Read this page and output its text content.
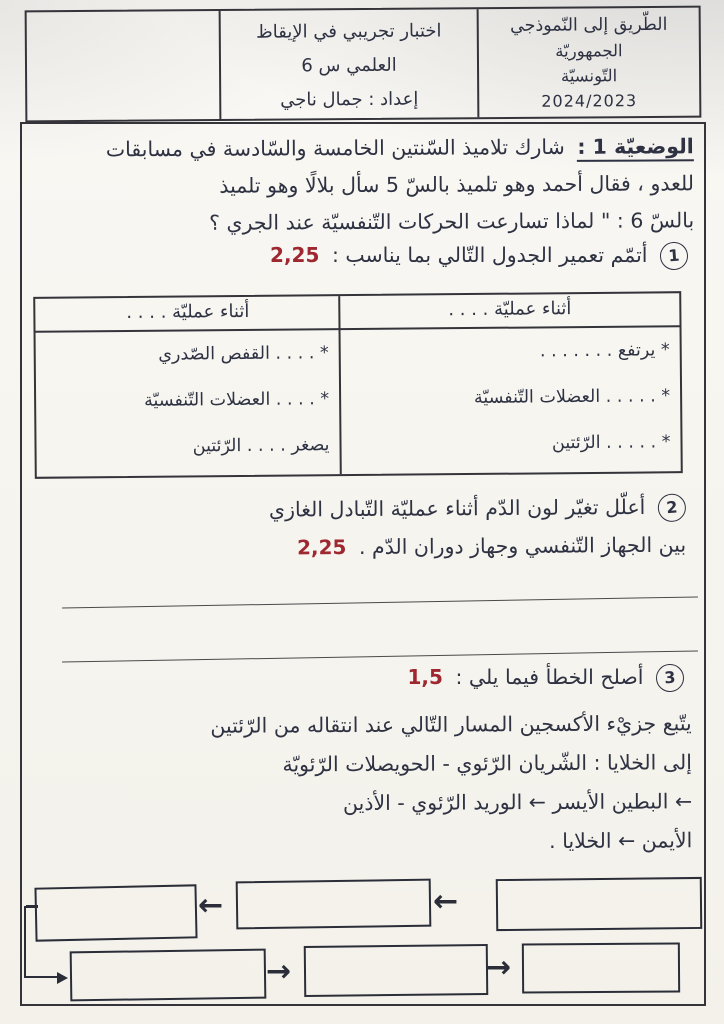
الطّريق إلى النّموذجي
الجمهوريّة
التّونسيّة
2024/2023
اختبار تجريبي في الإيقاظ
العلمي س 6
إعداد : جمال ناجي
الوضعيّة 1 : شارك تلاميذ السّنتين الخامسة والسّادسة في مسابقات
للعدو ، فقال أحمد وهو تلميذ بالسّ 5 سأل بلالًا وهو تلميذ
بالسّ 6 : " لماذا تسارعت الحركات التّنفسيّة عند الجري ؟
1 أتمّم تعمير الجدول التّالي بما يناسب : 2,25
أثناء عمليّة . . . .
* يرتفع . . . . . . .
* . . . . . العضلات التّنفسيّة
* . . . . . الرّئتين
أثناء عمليّة . . . .
* . . . . القفص الصّدري
* . . . . العضلات التّنفسيّة
يصغر . . . . الرّئتين
2 أعلّل تغيّر لون الدّم أثناء عمليّة التّبادل الغازي
بين الجهاز التّنفسي وجهاز دوران الدّم . 2,25
3 أصلح الخطأ فيما يلي : 1,5
يتّبع جزيْء الأكسجين المسار التّالي عند انتقاله من الرّئتين
إلى الخلايا : الشّريان الرّئوي - الحويصلات الرّئويّة
← البطين الأيسر ← الوريد الرّئوي - الأذين
الأيمن ← الخلايا .
←
←
→	→
